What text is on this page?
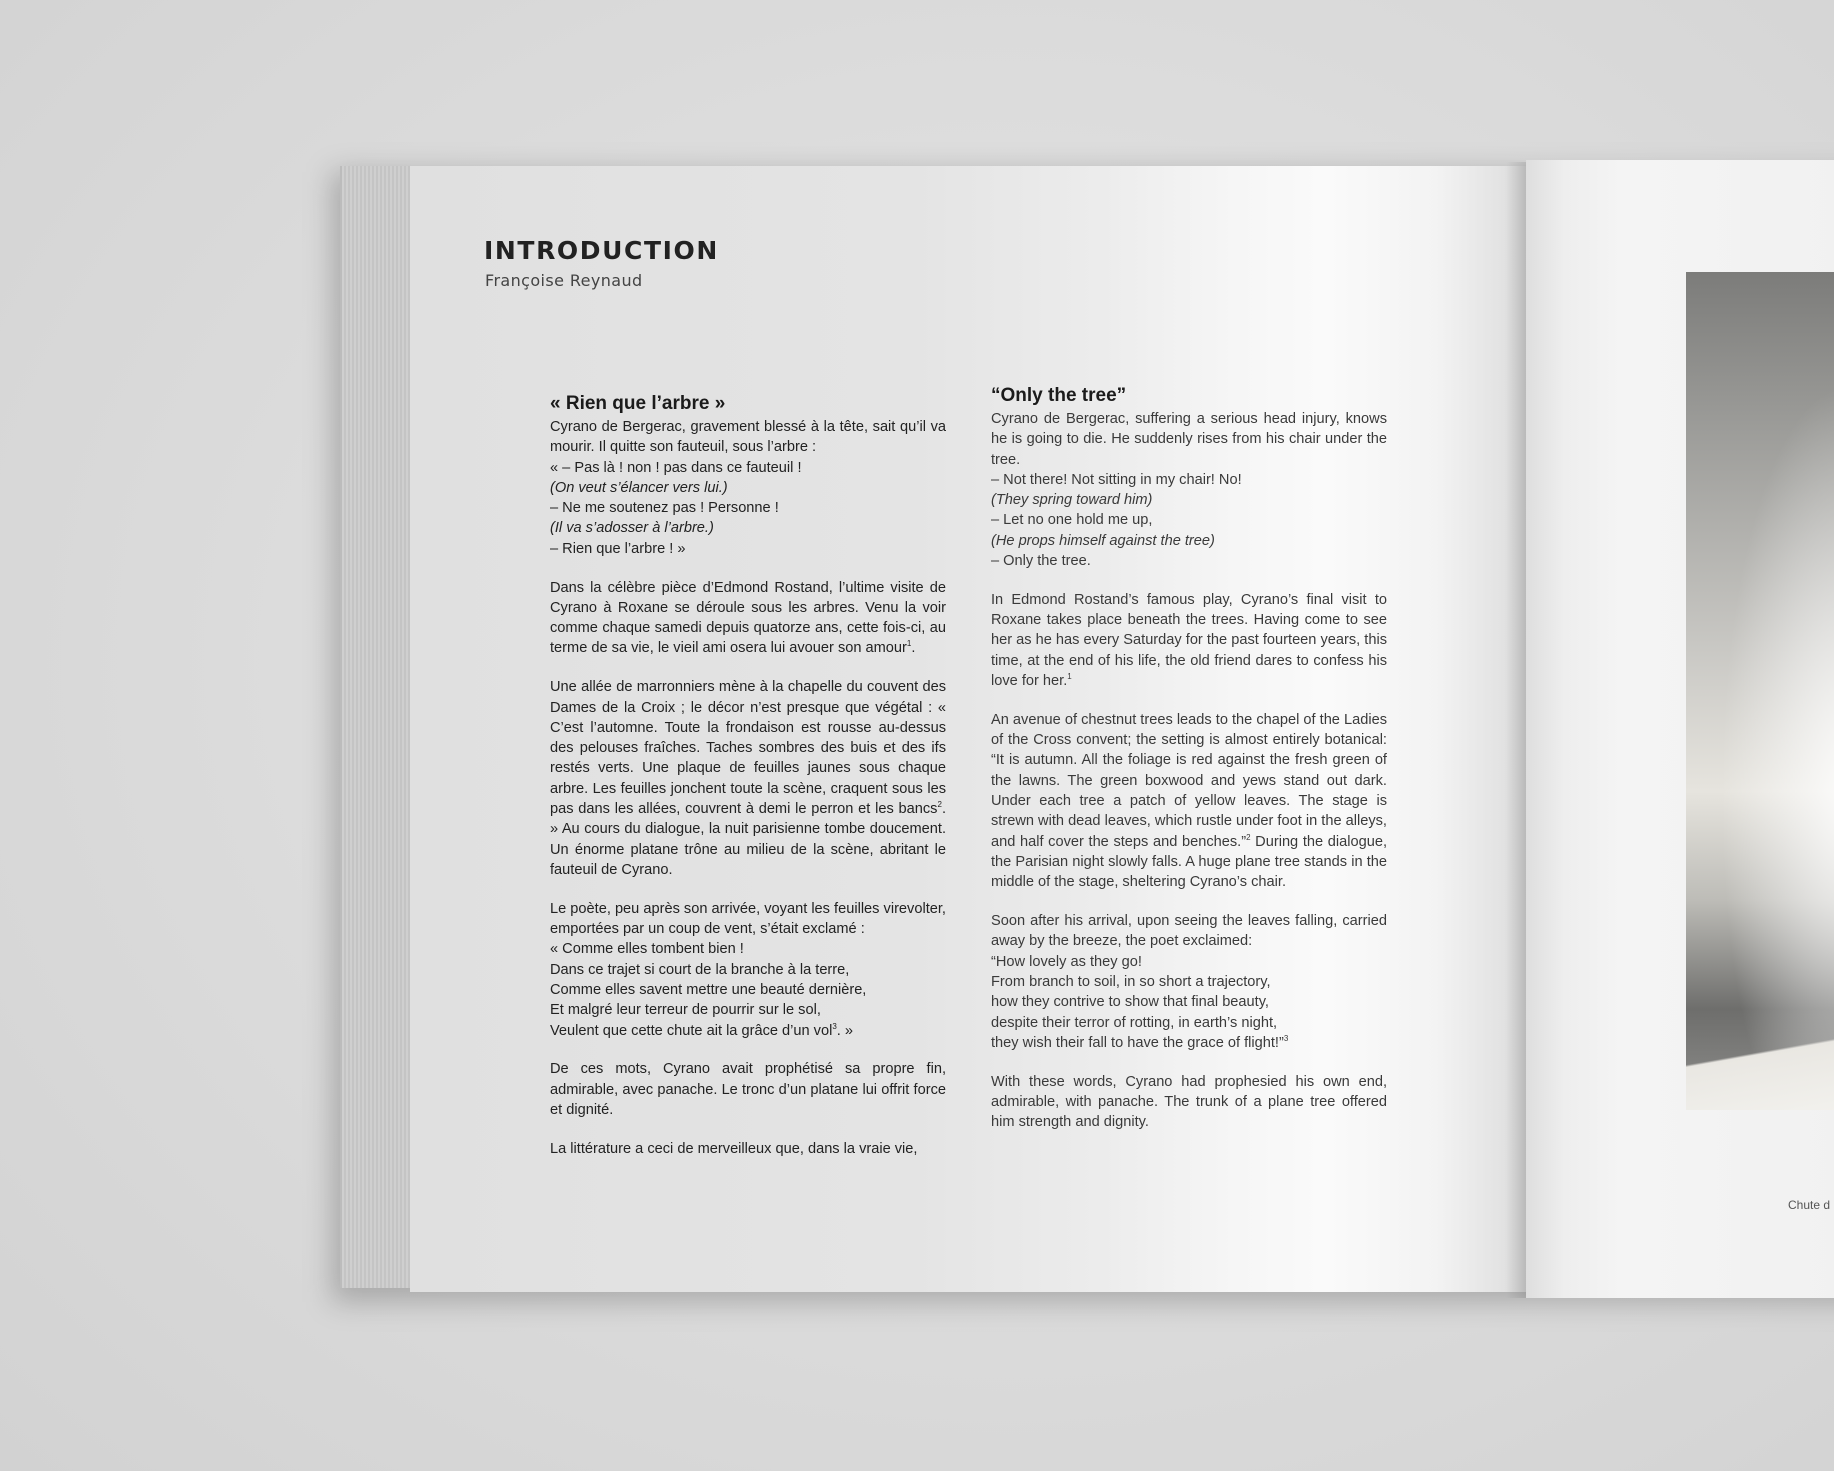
INTRODUCTION
Françoise Reynaud
« Rien que l’arbre »
Cyrano de Bergerac, gravement blessé à la tête, sait qu’il va mourir. Il quitte son fauteuil, sous l’arbre :
« – Pas là ! non ! pas dans ce fauteuil !
(On veut s’élancer vers lui.)
– Ne me soutenez pas ! Personne !
(Il va s’adosser à l’arbre.)
– Rien que l’arbre ! »

Dans la célèbre pièce d’Edmond Rostand, l’ultime visite de Cyrano à Roxane se déroule sous les arbres. Venu la voir comme chaque samedi depuis quatorze ans, cette fois-ci, au terme de sa vie, le vieil ami osera lui avouer son amour$^1$.

Une allée de marronniers mène à la chapelle du couvent des Dames de la Croix ; le décor n’est presque que végétal : « C’est l’automne. Toute la frondaison est rousse au-dessus des pelouses fraîches. Taches sombres des buis et des ifs restés verts. Une plaque de feuilles jaunes sous chaque arbre. Les feuilles jonchent toute la scène, craquent sous les pas dans les allées, couvrent à demi le perron et les bancs$^2$. » Au cours du dialogue, la nuit parisienne tombe doucement. Un énorme platane trône au milieu de la scène, abritant le fauteuil de Cyrano.

Le poète, peu après son arrivée, voyant les feuilles virevolter, emportées par un coup de vent, s’était exclamé :

« Comme elles tombent bien !
Dans ce trajet si court de la branche à la terre,
Comme elles savent mettre une beauté dernière,
Et malgré leur terreur de pourrir sur le sol,
Veulent que cette chute ait la grâce d’un vol$^3$. »

De ces mots, Cyrano avait prophétisé sa propre fin, admirable, avec panache. Le tronc d’un platane lui offrit force et dignité.

La littérature a ceci de merveilleux que, dans la vraie vie,

“Only the tree”
Cyrano de Bergerac, suffering a serious head injury, knows he is going to die. He suddenly rises from his chair under the tree.
– Not there! Not sitting in my chair! No!
(They spring toward him)
– Let no one hold me up,
(He props himself against the tree)
– Only the tree.

In Edmond Rostand’s famous play, Cyrano’s final visit to Roxane takes place beneath the trees. Having come to see her as he has every Saturday for the past fourteen years, this time, at the end of his life, the old friend dares to confess his love for her.$^1$

An avenue of chestnut trees leads to the chapel of the Ladies of the Cross convent; the setting is almost entirely botanical: “It is autumn. All the foliage is red against the fresh green of the lawns. The green boxwood and yews stand out dark. Under each tree a patch of yellow leaves. The stage is strewn with dead leaves, which rustle under foot in the alleys, and half cover the steps and benches.”$^2$ During the dialogue, the Parisian night slowly falls. A huge plane tree stands in the middle of the stage, sheltering Cyrano’s chair.

Soon after his arrival, upon seeing the leaves falling, carried away by the breeze, the poet exclaimed:

“How lovely as they go!
From branch to soil, in so short a trajectory,
how they contrive to show that final beauty,
despite their terror of rotting, in earth’s night,
they wish their fall to have the grace of flight!”$^3$

With these words, Cyrano had prophesied his own end, admirable, with panache. The trunk of a plane tree offered him strength and dignity.

Chute d
